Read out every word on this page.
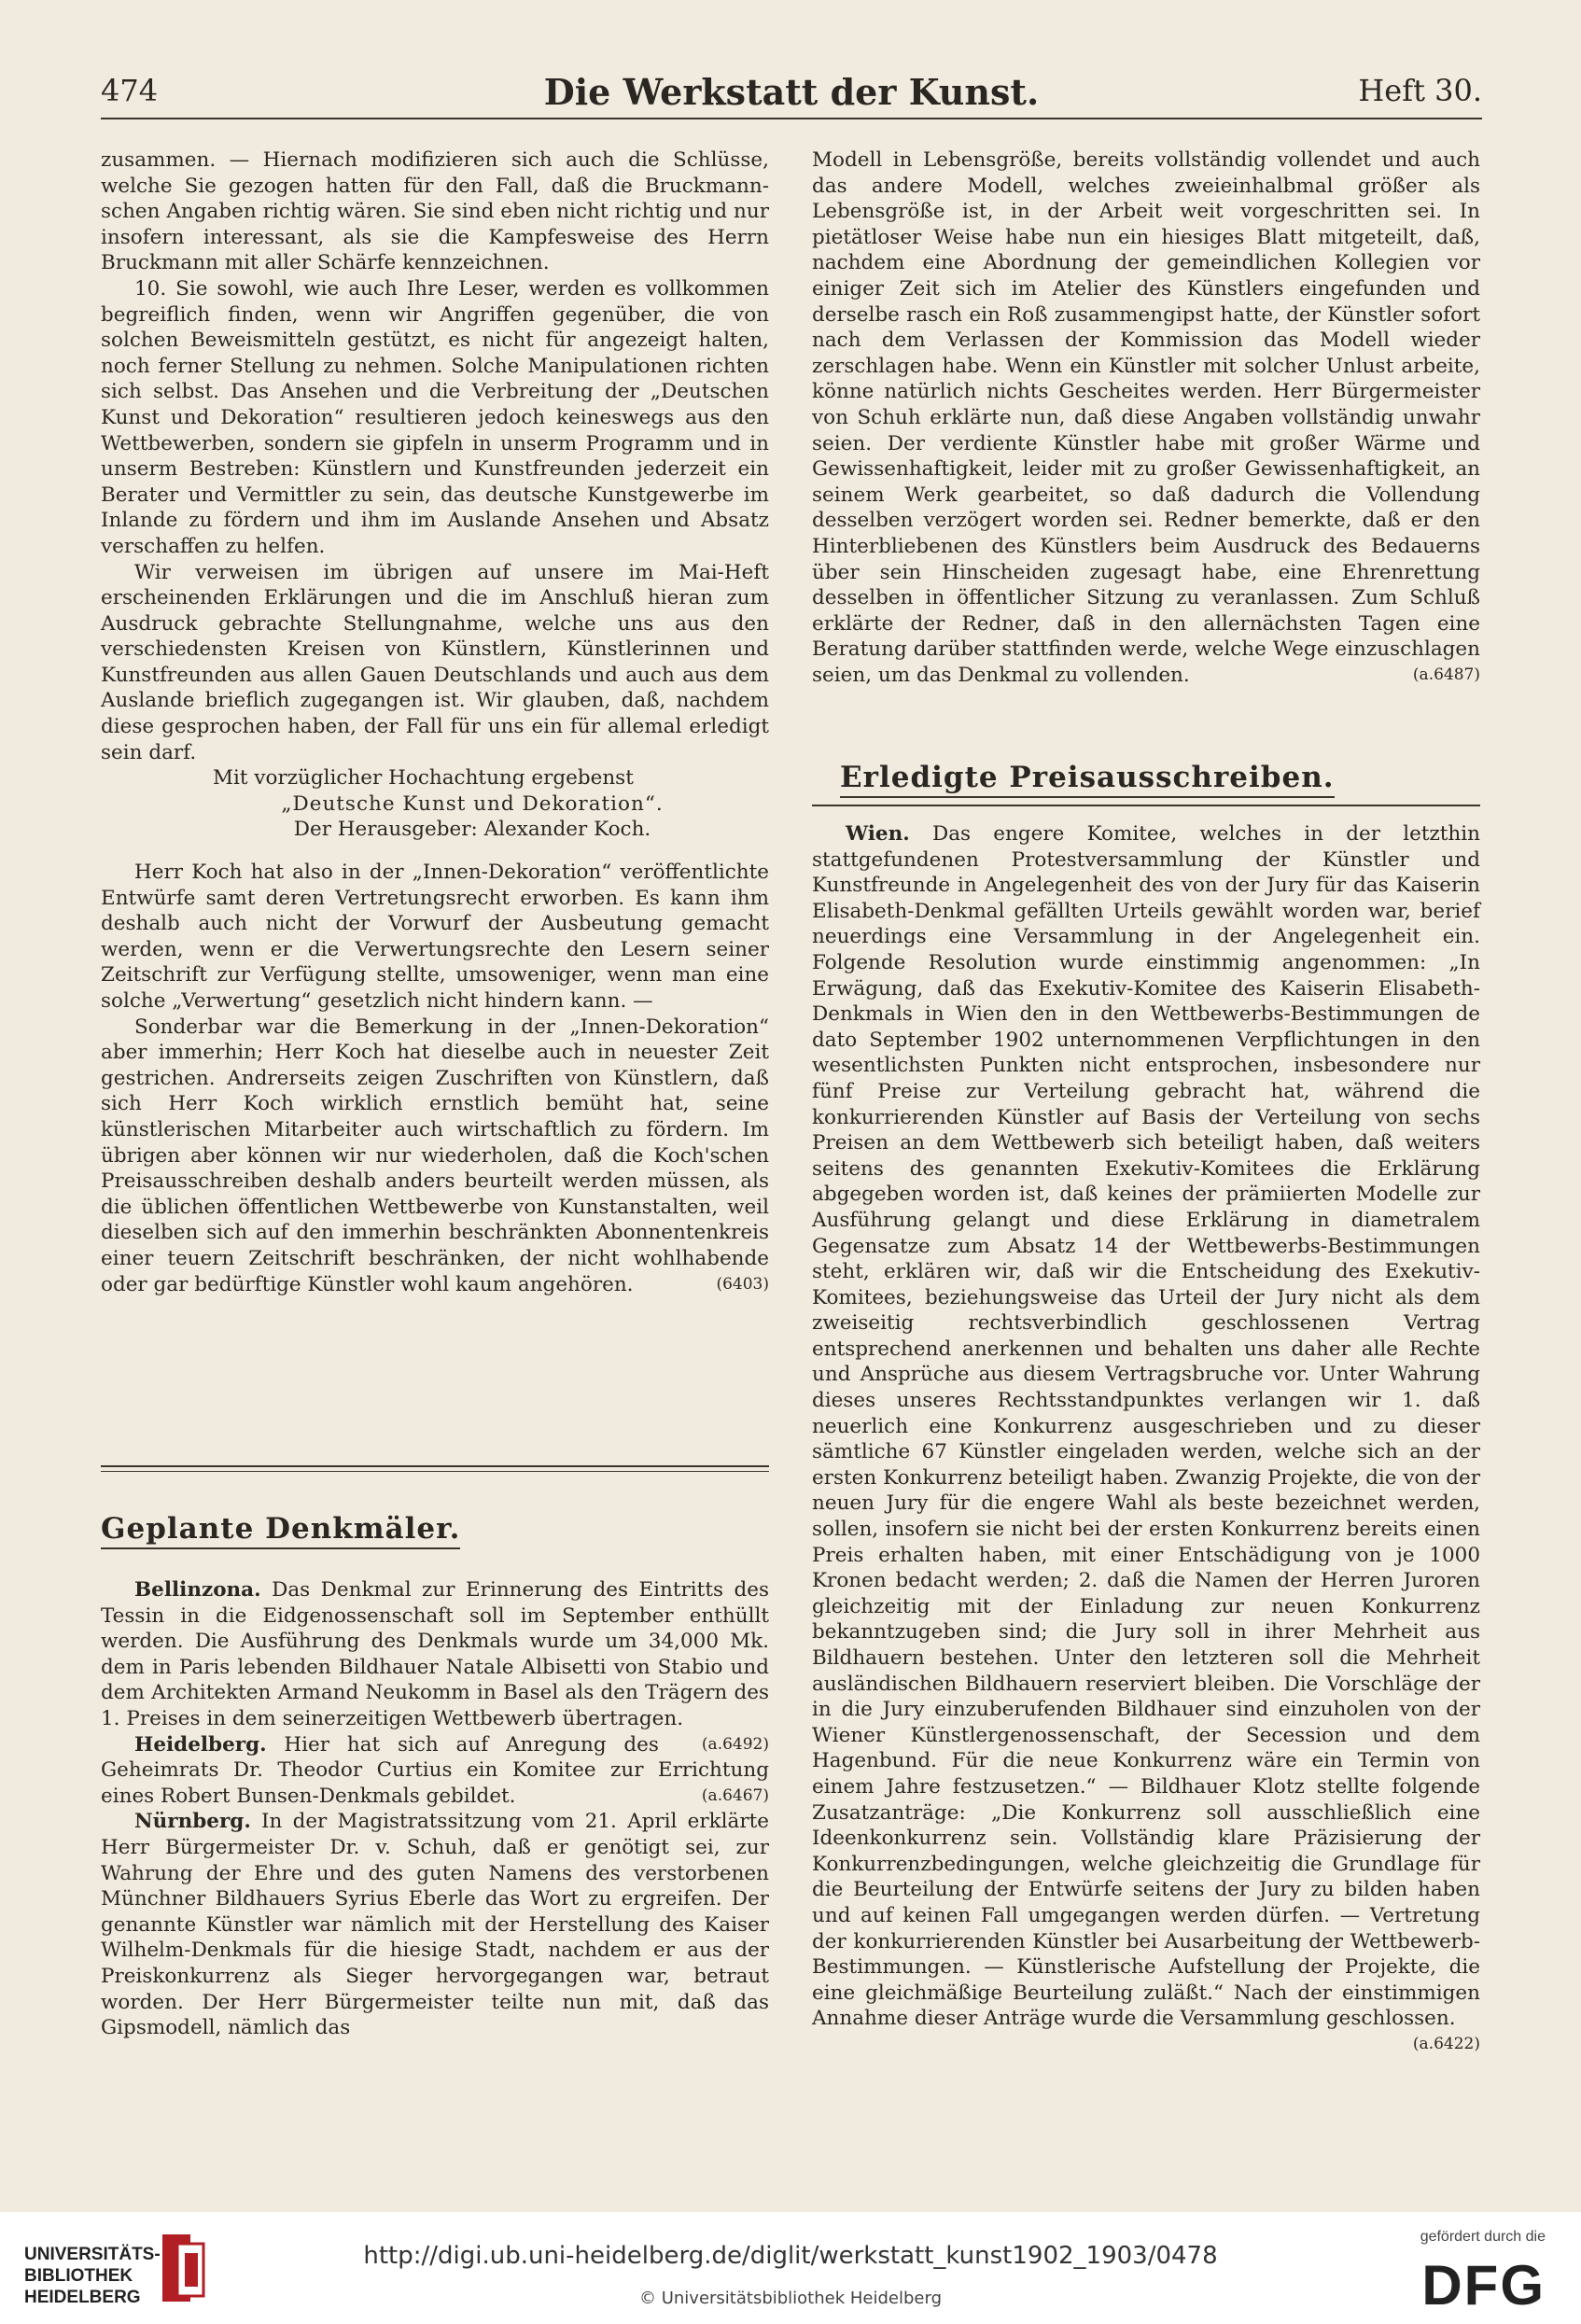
474	Die Werkstatt der Kunst.	Heft 30.

zusammen. — Hiernach modifizieren sich auch die Schlüsse, welche Sie gezogen hatten für den Fall, daß die Bruckmann-schen Angaben richtig wären. Sie sind eben nicht richtig und nur insofern interessant, als sie die Kampfesweise des Herrn Bruckmann mit aller Schärfe kennzeichnen.

10. Sie sowohl, wie auch Ihre Leser, werden es vollkommen begreiflich finden, wenn wir Angriffen gegenüber, die von solchen Beweismitteln gestützt, es nicht für angezeigt halten, noch ferner Stellung zu nehmen. Solche Manipulationen richten sich selbst. Das Ansehen und die Verbreitung der „Deutschen Kunst und Dekoration“ resultieren jedoch keineswegs aus den Wettbewerben, sondern sie gipfeln in unserm Programm und in unserm Bestreben: Künstlern und Kunstfreunden jederzeit ein Berater und Vermittler zu sein, das deutsche Kunstgewerbe im Inlande zu fördern und ihm im Auslande Ansehen und Absatz verschaffen zu helfen.

Wir verweisen im übrigen auf unsere im Mai-Heft erscheinenden Erklärungen und die im Anschluß hieran zum Ausdruck gebrachte Stellungnahme, welche uns aus den verschiedensten Kreisen von Künstlern, Künstlerinnen und Kunstfreunden aus allen Gauen Deutschlands und auch aus dem Auslande brieflich zugegangen ist. Wir glauben, daß, nachdem diese gesprochen haben, der Fall für uns ein für allemal erledigt sein darf.

Mit vorzüglicher Hochachtung ergebenst

„Deutsche Kunst und Dekoration“.

Der Herausgeber: Alexander Koch.

Herr Koch hat also in der „Innen-Dekoration“ veröffentlichte Entwürfe samt deren Vertretungsrecht erworben. Es kann ihm deshalb auch nicht der Vorwurf der Ausbeutung gemacht werden, wenn er die Verwertungsrechte den Lesern seiner Zeitschrift zur Verfügung stellte, umsoweniger, wenn man eine solche „Verwertung“ gesetzlich nicht hindern kann. —

Sonderbar war die Bemerkung in der „Innen-Dekoration“ aber immerhin; Herr Koch hat dieselbe auch in neuester Zeit gestrichen. Andrerseits zeigen Zuschriften von Künstlern, daß sich Herr Koch wirklich ernstlich bemüht hat, seine künstlerischen Mitarbeiter auch wirtschaftlich zu fördern. Im übrigen aber können wir nur wiederholen, daß die Koch'schen Preisausschreiben deshalb anders beurteilt werden müssen, als die üblichen öffentlichen Wettbewerbe von Kunstanstalten, weil dieselben sich auf den immerhin beschränkten Abonnentenkreis einer teuern Zeitschrift beschränken, der nicht wohlhabende oder gar bedürftige Künstler wohl kaum angehören.	(6403)

Geplante Denkmäler.

Bellinzona. Das Denkmal zur Erinnerung des Eintritts des Tessin in die Eidgenossenschaft soll im September enthüllt werden. Die Ausführung des Denkmals wurde um 34,000 Mk. dem in Paris lebenden Bildhauer Natale Albisetti von Stabio und dem Architekten Armand Neukomm in Basel als den Trägern des 1. Preises in dem seinerzeitigen Wettbewerb übertragen.
(a.6492)

Heidelberg. Hier hat sich auf Anregung des Geheimrats Dr. Theodor Curtius ein Komitee zur Errichtung eines Robert Bunsen-Denkmals gebildet.	(a.6467)

Nürnberg. In der Magistratssitzung vom 21. April erklärte Herr Bürgermeister Dr. v. Schuh, daß er genötigt sei, zur Wahrung der Ehre und des guten Namens des verstorbenen Münchner Bildhauers Syrius Eberle das Wort zu ergreifen. Der genannte Künstler war nämlich mit der Herstellung des Kaiser Wilhelm-Denkmals für die hiesige Stadt, nachdem er aus der Preiskonkurrenz als Sieger hervorgegangen war, betraut worden. Der Herr Bürgermeister teilte nun mit, daß das Gipsmodell, nämlich das

Modell in Lebensgröße, bereits vollständig vollendet und auch das andere Modell, welches zweieinhalbmal größer als Lebensgröße ist, in der Arbeit weit vorgeschritten sei. In pietätloser Weise habe nun ein hiesiges Blatt mitgeteilt, daß, nachdem eine Abordnung der gemeindlichen Kollegien vor einiger Zeit sich im Atelier des Künstlers eingefunden und derselbe rasch ein Roß zusammengipst hatte, der Künstler sofort nach dem Verlassen der Kommission das Modell wieder zerschlagen habe. Wenn ein Künstler mit solcher Unlust arbeite, könne natürlich nichts Gescheites werden. Herr Bürgermeister von Schuh erklärte nun, daß diese Angaben vollständig unwahr seien. Der verdiente Künstler habe mit großer Wärme und Gewissenhaftigkeit, leider mit zu großer Gewissenhaftigkeit, an seinem Werk gearbeitet, so daß dadurch die Vollendung desselben verzögert worden sei. Redner bemerkte, daß er den Hinterbliebenen des Künstlers beim Ausdruck des Bedauerns über sein Hinscheiden zugesagt habe, eine Ehrenrettung desselben in öffentlicher Sitzung zu veranlassen. Zum Schluß erklärte der Redner, daß in den allernächsten Tagen eine Beratung darüber stattfinden werde, welche Wege einzuschlagen seien, um das Denkmal zu vollenden.	(a.6487)

Erledigte Preisausschreiben.

Wien. Das engere Komitee, welches in der letzthin stattgefundenen Protestversammlung der Künstler und Kunstfreunde in Angelegenheit des von der Jury für das Kaiserin Elisabeth-Denkmal gefällten Urteils gewählt worden war, berief neuerdings eine Versammlung in der Angelegenheit ein. Folgende Resolution wurde einstimmig angenommen: „In Erwägung, daß das Exekutiv-Komitee des Kaiserin Elisabeth-Denkmals in Wien den in den Wettbewerbs-Bestimmungen de dato September 1902 unternommenen Verpflichtungen in den wesentlichsten Punkten nicht entsprochen, insbesondere nur fünf Preise zur Verteilung gebracht hat, während die konkurrierenden Künstler auf Basis der Verteilung von sechs Preisen an dem Wettbewerb sich beteiligt haben, daß weiters seitens des genannten Exekutiv-Komitees die Erklärung abgegeben worden ist, daß keines der prämiierten Modelle zur Ausführung gelangt und diese Erklärung in diametralem Gegensatze zum Absatz 14 der Wettbewerbs-Bestimmungen steht, erklären wir, daß wir die Entscheidung des Exekutiv-Komitees, beziehungsweise das Urteil der Jury nicht als dem zweiseitig rechtsverbindlich geschlossenen Vertrag entsprechend anerkennen und behalten uns daher alle Rechte und Ansprüche aus diesem Vertragsbruche vor. Unter Wahrung dieses unseres Rechtsstandpunktes verlangen wir 1. daß neuerlich eine Konkurrenz ausgeschrieben und zu dieser sämtliche 67 Künstler eingeladen werden, welche sich an der ersten Konkurrenz beteiligt haben. Zwanzig Projekte, die von der neuen Jury für die engere Wahl als beste bezeichnet werden, sollen, insofern sie nicht bei der ersten Konkurrenz bereits einen Preis erhalten haben, mit einer Entschädigung von je 1000 Kronen bedacht werden; 2. daß die Namen der Herren Juroren gleichzeitig mit der Einladung zur neuen Konkurrenz bekanntzugeben sind; die Jury soll in ihrer Mehrheit aus Bildhauern bestehen. Unter den letzteren soll die Mehrheit ausländischen Bildhauern reserviert bleiben. Die Vorschläge der in die Jury einzuberufenden Bildhauer sind einzuholen von der Wiener Künstlergenossenschaft, der Secession und dem Hagenbund. Für die neue Konkurrenz wäre ein Termin von einem Jahre festzusetzen.“ — Bildhauer Klotz stellte folgende Zusatzanträge: „Die Konkurrenz soll ausschließlich eine Ideenkonkurrenz sein. Vollständig klare Präzisierung der Konkurrenzbedingungen, welche gleichzeitig die Grundlage für die Beurteilung der Entwürfe seitens der Jury zu bilden haben und auf keinen Fall umgegangen werden dürfen. — Vertretung der konkurrierenden Künstler bei Ausarbeitung der Wettbewerb-Bestimmungen. — Künstlerische Aufstellung der Projekte, die eine gleichmäßige Beurteilung zuläßt.“ Nach der einstimmigen Annahme dieser Anträge wurde die Versammlung geschlossen.
(a.6422)

UNIVERSITÄTS-
BIBLIOTHEK
HEIDELBERG
http://digi.ub.uni-heidelberg.de/diglit/werkstatt_kunst1902_1903/0478
© Universitätsbibliothek Heidelberg
gefördert durch die
DFG
